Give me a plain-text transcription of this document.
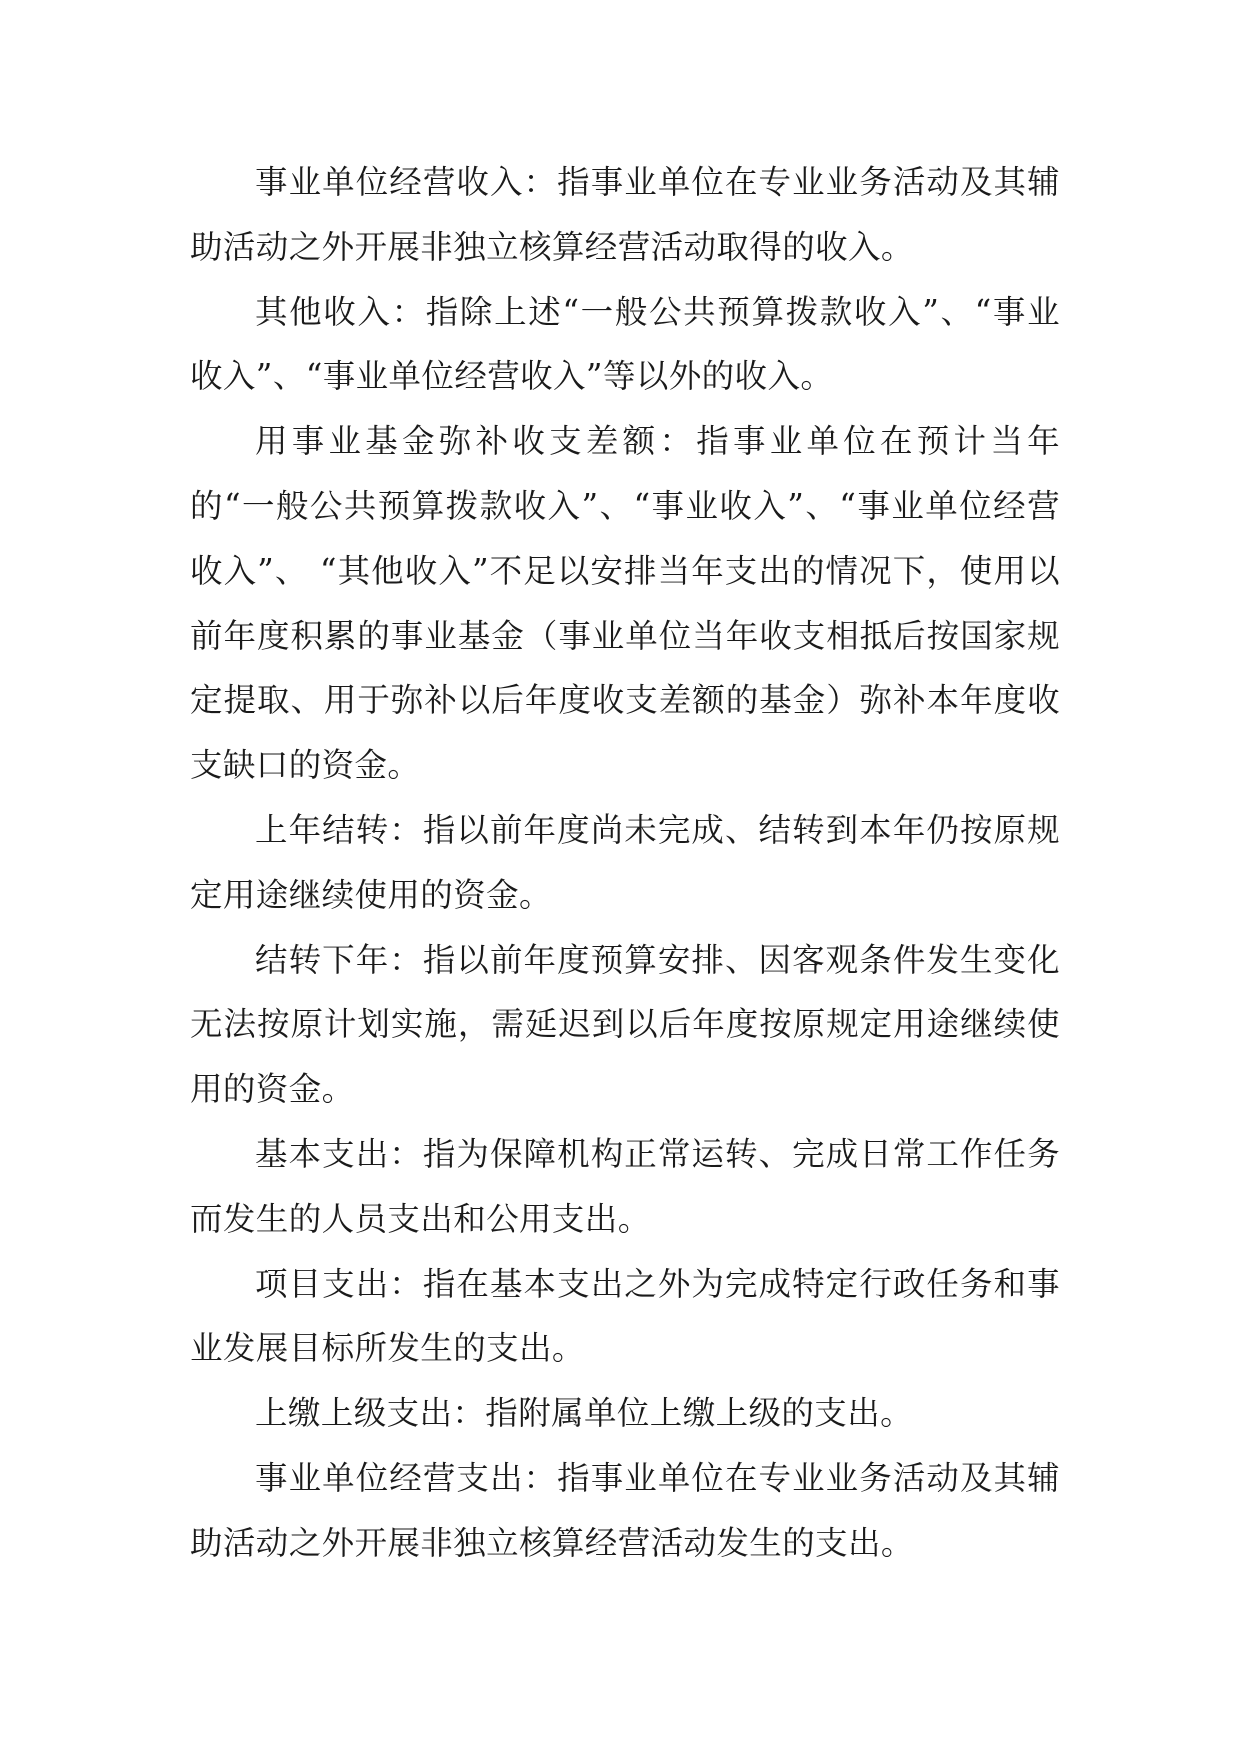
事业单位经营收入：指事业单位在专业业务活动及其辅助活动之外开展非独立核算经营活动取得的收入。

其他收入：指除上述“一般公共预算拨款收入”、“事业收入”、“事业单位经营收入”等以外的收入。

用事业基金弥补收支差额：指事业单位在预计当年的“一般公共预算拨款收入”、“事业收入”、“事业单位经营收入”、 “其他收入”不足以安排当年支出的情况下，使用以前年度积累的事业基金（事业单位当年收支相抵后按国家规定提取、用于弥补以后年度收支差额的基金）弥补本年度收支缺口的资金。

上年结转：指以前年度尚未完成、结转到本年仍按原规定用途继续使用的资金。

结转下年：指以前年度预算安排、因客观条件发生变化无法按原计划实施，需延迟到以后年度按原规定用途继续使用的资金。

基本支出：指为保障机构正常运转、完成日常工作任务而发生的人员支出和公用支出。

项目支出：指在基本支出之外为完成特定行政任务和事业发展目标所发生的支出。

上缴上级支出：指附属单位上缴上级的支出。

事业单位经营支出：指事业单位在专业业务活动及其辅助活动之外开展非独立核算经营活动发生的支出。
